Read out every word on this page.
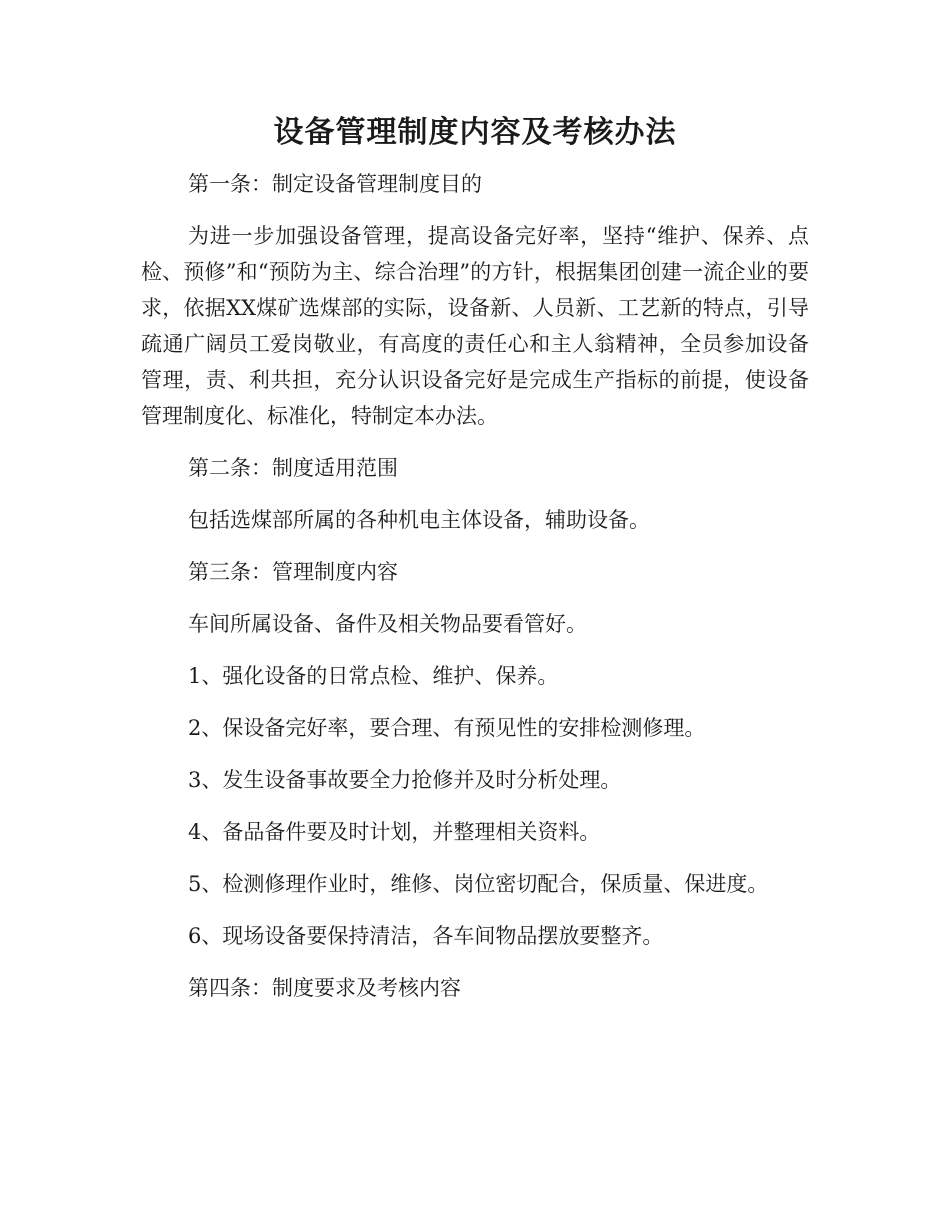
设备管理制度内容及考核办法

第一条：制定设备管理制度目的

为进一步加强设备管理，提高设备完好率，坚持“维护、保养、点检、预修”和“预防为主、综合治理”的方针，根据集团创建一流企业的要求，依据XX煤矿选煤部的实际，设备新、人员新、工艺新的特点，引导疏通广阔员工爱岗敬业，有高度的责任心和主人翁精神，全员参加设备管理，责、利共担，充分认识设备完好是完成生产指标的前提，使设备管理制度化、标准化，特制定本办法。

第二条：制度适用范围

包括选煤部所属的各种机电主体设备，辅助设备。

第三条：管理制度内容

车间所属设备、备件及相关物品要看管好。

1、强化设备的日常点检、维护、保养。

2、保设备完好率，要合理、有预见性的安排检测修理。

3、发生设备事故要全力抢修并及时分析处理。

4、备品备件要及时计划，并整理相关资料。

5、检测修理作业时，维修、岗位密切配合，保质量、保进度。

6、现场设备要保持清洁，各车间物品摆放要整齐。

第四条：制度要求及考核内容
